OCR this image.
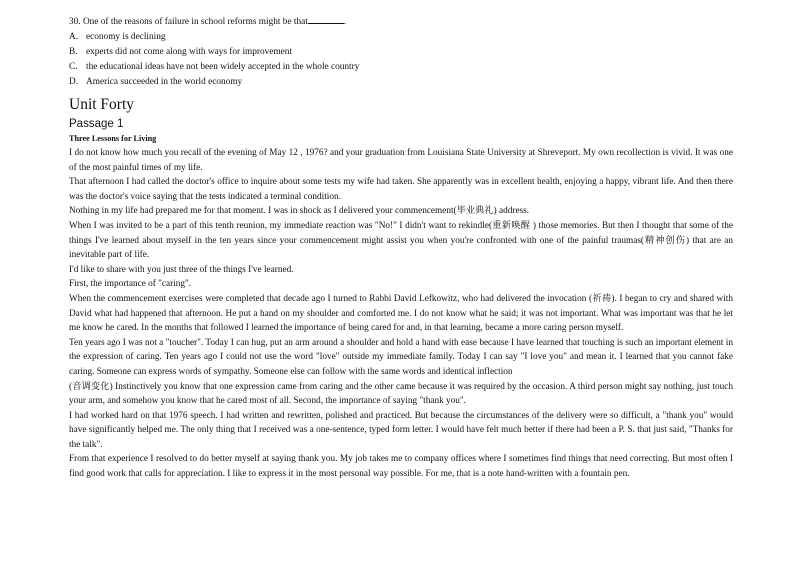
30. One of the reasons of failure in school reforms might be that	.
A. economy is declining
B. experts did not come along with ways for improvement
C. the educational ideas have not been widely accepted in the whole country
D. America succeeded in the world economy
Unit Forty
Passage 1
Three Lessons for Living

I do not know how much you recall of the evening of May 12 , 1976? and your graduation from Louisiana State University at Shreveport. My own recollection is vivid. It was one of the most painful times of my life.

That afternoon I had called the doctor's office to inquire about some tests my wife had taken. She apparently was in excellent health, enjoying a happy, vibrant life. And then there was the doctor's voice saying that the tests indicated a terminal condition.

Nothing in my life had prepared me for that moment. I was in shock as I delivered your commencement(毕业典礼) address.

When I was invited to be a part of this tenth reunion, my immediate reaction was "No!" I didn't want to rekindle(重新唤醒 ) those memories. But then I thought that some of the things I've learned about myself in the ten years since your commencement might assist you when you're confronted with one of the painful traumas(精神创伤) that are an inevitable part of life.

I'd like to share with you just three of the things I've learned.

First, the importance of "caring".

When the commencement exercises were completed that decade ago I turned to Rabbi David Lefkowitz, who had delivered the invocation (祈祷). I began to cry and shared with David what had happened that afternoon. He put a hand on my shoulder and comforted me. I do not know what he said; it was not important. What was important was that he let me know he cared. In the months that followed I learned the importance of being cared for and, in that learning, became a more caring person myself.

Ten years ago I was not a "toucher". Today I can hug, put an arm around a shoulder and hold a hand with ease because I have learned that touching is such an important element in the expression of caring. Ten years ago I could not use the word "love" outside my immediate family. Today I can say "I love you" and mean it. I learned that you cannot fake caring. Someone can express words of sympathy. Someone else can follow with the same words and identical inflection

(音调变化) Instinctively you know that one expression came from caring and the other came because it was required by the occasion. A third person might say nothing, just touch your arm, and somehow you know that he cared most of all. Second, the importance of saying "thank you".

I had worked hard on that 1976 speech. I had written and rewritten, polished and practiced. But because the circumstances of the delivery were so difficult, a "thank you" would have significantly helped me. The only thing that I received was a one-sentence, typed form letter. I would have felt much better if there had been a P. S. that just said, "Thanks for the talk".

From that experience I resolved to do better myself at saying thank you. My job takes me to company offices where I sometimes find things that need correcting. But most often I find good work that calls for appreciation. I like to express it in the most personal way possible. For me, that is a note hand-written with a fountain pen.
